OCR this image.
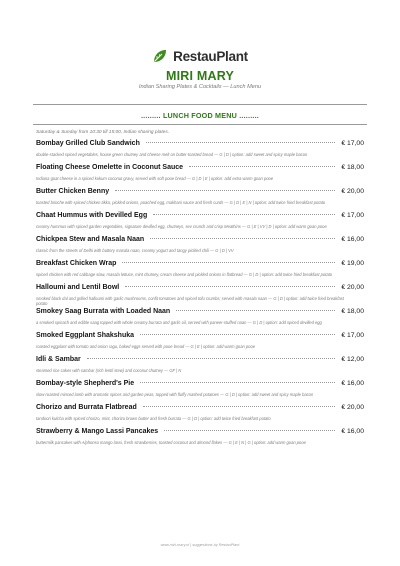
RestauPlant
MIRI MARY
Indian Sharing Plates & Cocktails — Lunch Menu
......... LUNCH FOOD MENU .........
Saturday & Sunday from 10:30 till 15:00, Indian sharing plates.
Bombay Grilled Club Sandwich	€ 17,00
double-stacked spiced vegetables, house green chutney and cheese melt on butter-toasted bread — G | D | option: add sweet and spicy maple bacon
Floating Cheese Omelette in Coconut Sauce	€ 18,00
Indiana goat cheese in a spiced kokum coconut gravy, served with soft pooe bread — G | D | E | option: add extra warm goan pooe
Butter Chicken Benny	€ 20,00
toasted brioche with spiced chicken tikka, pickled onions, poached egg, makhani sauce and fresh curds — G | D | E | N | option: add twice fried breakfast potato
Chaat Hummus with Devilled Egg	€ 17,00
creamy hummus with spiced garden vegetables, signature devilled egg, chutneys, sev crunch and crisp Meathins — G | E | VV | D | option: add warm goan pooe
Chickpea Stew and Masala Naan	€ 16,00
classic from the streets of Delhi with buttery masala naan, creamy yogurt and tangy pickled chili — G | D | VV
Breakfast Chicken Wrap	€ 19,00
spiced chicken with red cabbage slaw, masala lettuce, mint chutney, cream cheese and pickled onions in flatbread — G | D | option: add twice fried breakfast potato
Halloumi and Lentil Bowl	€ 20,00
smoked black dal and grilled halloumi with garlic mushrooms, confit tomatoes and spiced tofu crumbs; served with masala naan — G | D | option: add twice fried breakfast potato
Smokey Saag Burrata with Loaded Naan	€ 18,00
a smoked spinach and edible saag topped with whole creamy burrata and garlic oil, served with paneer-stuffed naan — G | D | option: add spiced devilled egg
Smoked Eggplant Shakshuka	€ 17,00
roasted eggplant with tomato and onion ragu, baked eggs served with pooe bread — G | E | option: add warm goan pooe
Idli & Sambar	€ 12,00
steamed rice cakes with sambar (rich lentil stew) and coconut chutney — GF | N
Bombay-style Shepherd's Pie	€ 16,00
slow-roasted minced lamb with aromatic spices and garden peas, topped with fluffy mashed potatoes — G | D | option: add sweet and spicy maple bacon
Chorizo and Burrata Flatbread	€ 20,00
tandoori kulcha with spiced chorizo, mint, chorizo brown butter and fresh burrata — G | D | option: add twice fried breakfast potato
Strawberry & Mango Lassi Pancakes	€ 16,00
buttermilk pancakes with Alphonso mango lassi, fresh strawberries, toasted coconut and almond flakes — G | E | N | G | option: add warm goan pooe
www.miri-mary.nl | suggestions by RestauPlant
